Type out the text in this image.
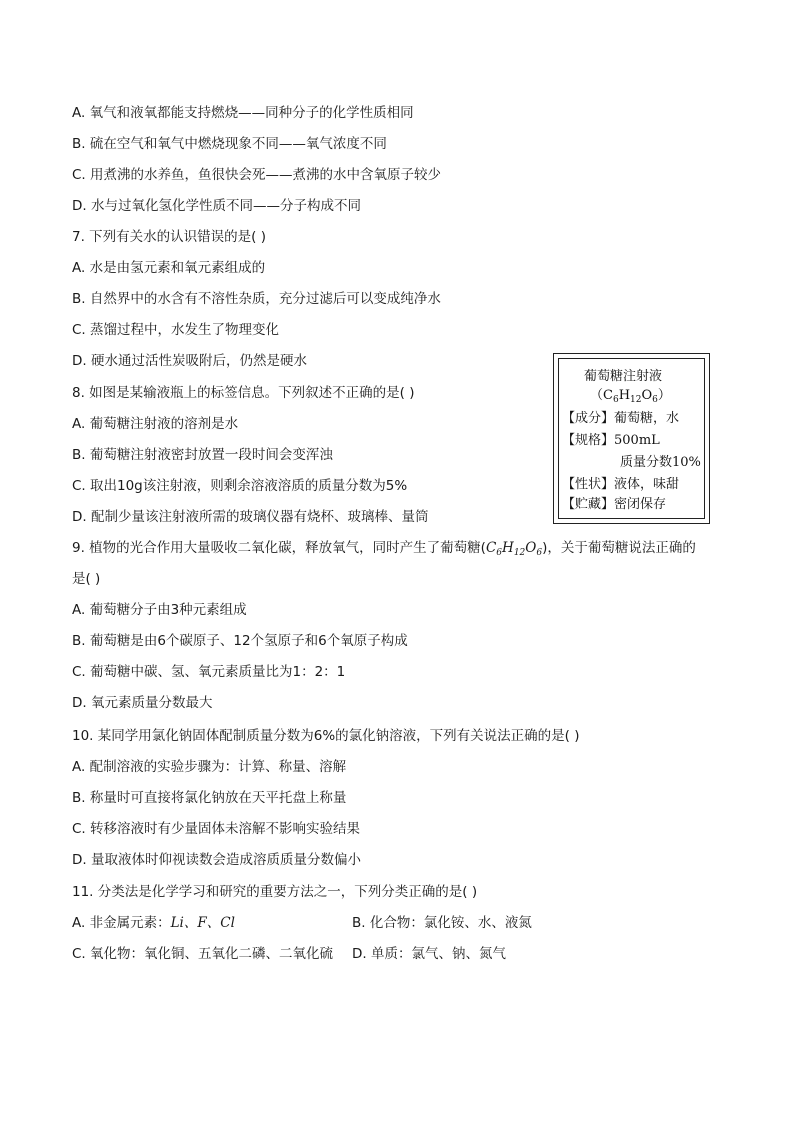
A. 氧气和液氧都能支持燃烧——同种分子的化学性质相同
B. 硫在空气和氧气中燃烧现象不同——氧气浓度不同
C. 用煮沸的水养鱼，鱼很快会死——煮沸的水中含氧原子较少
D. 水与过氧化氢化学性质不同——分子构成不同
7. 下列有关水的认识错误的是( )
A. 水是由氢元素和氧元素组成的
B. 自然界中的水含有不溶性杂质，充分过滤后可以变成纯净水
C. 蒸馏过程中，水发生了物理变化
D. 硬水通过活性炭吸附后，仍然是硬水
8. 如图是某输液瓶上的标签信息。下列叙述不正确的是( )
A. 葡萄糖注射液的溶剂是水
B. 葡萄糖注射液密封放置一段时间会变浑浊
C. 取出10g该注射液，则剩余溶液溶质的质量分数为5%
D. 配制少量该注射液所需的玻璃仪器有烧杯、玻璃棒、量筒
9. 植物的光合作用大量吸收二氧化碳，释放氧气，同时产生了葡萄糖$(C_6H_{12}O_6)$，关于葡萄糖说法正确的
是( )
A. 葡萄糖分子由3种元素组成
B. 葡萄糖是由6个碳原子、12个氢原子和6个氧原子构成
C. 葡萄糖中碳、氢、氧元素质量比为1：2：1
D. 氧元素质量分数最大
10. 某同学用氯化钠固体配制质量分数为6%的氯化钠溶液，下列有关说法正确的是( )
A. 配制溶液的实验步骤为：计算、称量、溶解
B. 称量时可直接将氯化钠放在天平托盘上称量
C. 转移溶液时有少量固体未溶解不影响实验结果
D. 量取液体时仰视读数会造成溶质质量分数偏小
11. 分类法是化学学习和研究的重要方法之一，下列分类正确的是( )
A. 非金属元素：Li、F、Cl	B. 化合物：氯化铵、水、液氮
C. 氧化物：氧化铜、五氧化二磷、二氧化硫 D. 单质：氯气、钠、氮气
葡萄糖注射液
$(C_6H_{12}O_6)$
【成分】葡萄糖，水
【规格】500mL
质量分数10%
【性状】液体，味甜
【贮藏】密闭保存
